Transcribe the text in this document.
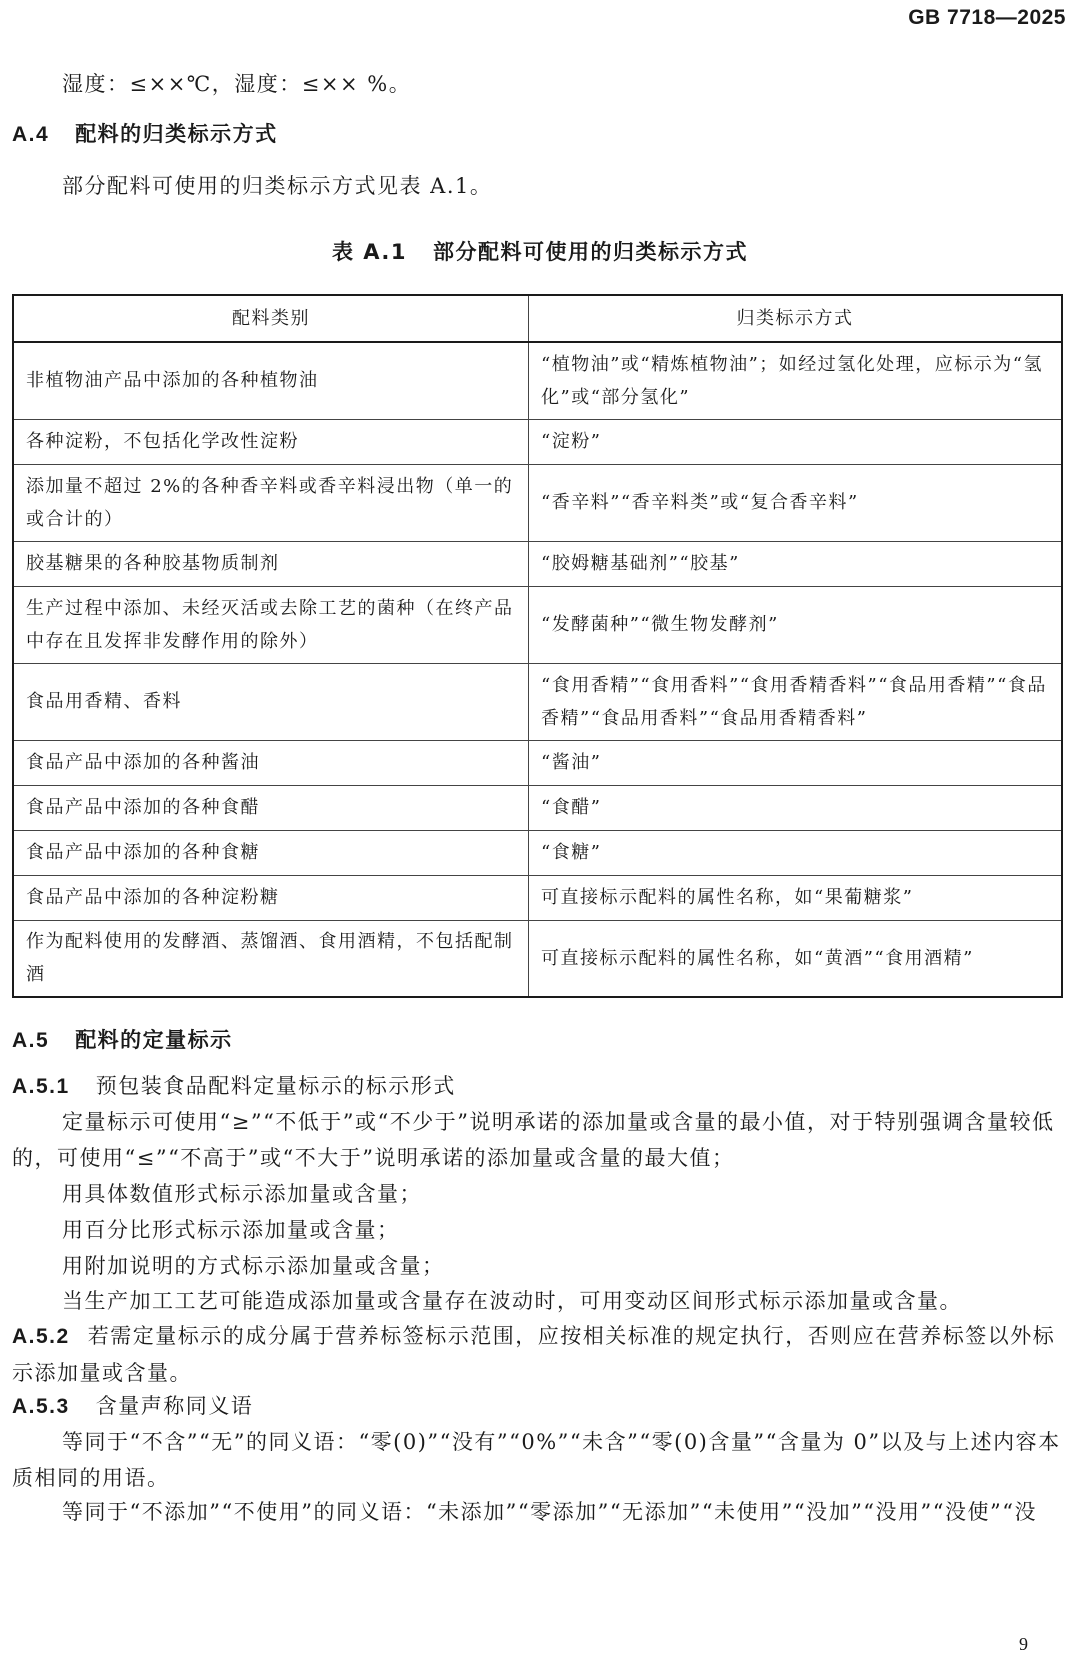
GB 7718—2025
湿度：≤××℃，湿度：≤×× %。
A.4 配料的归类标示方式
部分配料可使用的归类标示方式见表 A.1。
表 A.1 部分配料可使用的归类标示方式
配料类别	归类标示方式
非植物油产品中添加的各种植物油	“植物油”或“精炼植物油”；如经过氢化处理，应标示为“氢化”或“部分氢化”
各种淀粉，不包括化学改性淀粉	“淀粉”
添加量不超过 2%的各种香辛料或香辛料浸出物（单一的或合计的）	“香辛料”“香辛料类”或“复合香辛料”
胶基糖果的各种胶基物质制剂	“胶姆糖基础剂”“胶基”
生产过程中添加、未经灭活或去除工艺的菌种（在终产品中存在且发挥非发酵作用的除外）	“发酵菌种”“微生物发酵剂”
食品用香精、香料	“食用香精”“食用香料”“食用香精香料”“食品用香精”“食品香精”“食品用香料”“食品用香精香料”
食品产品中添加的各种酱油	“酱油”
食品产品中添加的各种食醋	“食醋”
食品产品中添加的各种食糖	“食糖”
食品产品中添加的各种淀粉糖	可直接标示配料的属性名称，如“果葡糖浆”
作为配料使用的发酵酒、蒸馏酒、食用酒精，不包括配制酒	可直接标示配料的属性名称，如“黄酒”“食用酒精”
A.5 配料的定量标示
A.5.1 预包装食品配料定量标示的标示形式
定量标示可使用“≥”“不低于”或“不少于”说明承诺的添加量或含量的最小值，对于特别强调含量较低的，可使用“≤”“不高于”或“不大于”说明承诺的添加量或含量的最大值；
用具体数值形式标示添加量或含量；
用百分比形式标示添加量或含量；
用附加说明的方式标示添加量或含量；
当生产加工工艺可能造成添加量或含量存在波动时，可用变动区间形式标示添加量或含量。
A.5.2 若需定量标示的成分属于营养标签标示范围，应按相关标准的规定执行，否则应在营养标签以外标示添加量或含量。
A.5.3 含量声称同义语
等同于“不含”“无”的同义语：“零(0)”“没有”“0%”“未含”“零(0)含量”“含量为 0”以及与上述内容本质相同的用语。
等同于“不添加”“不使用”的同义语：“未添加”“零添加”“无添加”“未使用”“没加”“没用”“没使”“没
9
